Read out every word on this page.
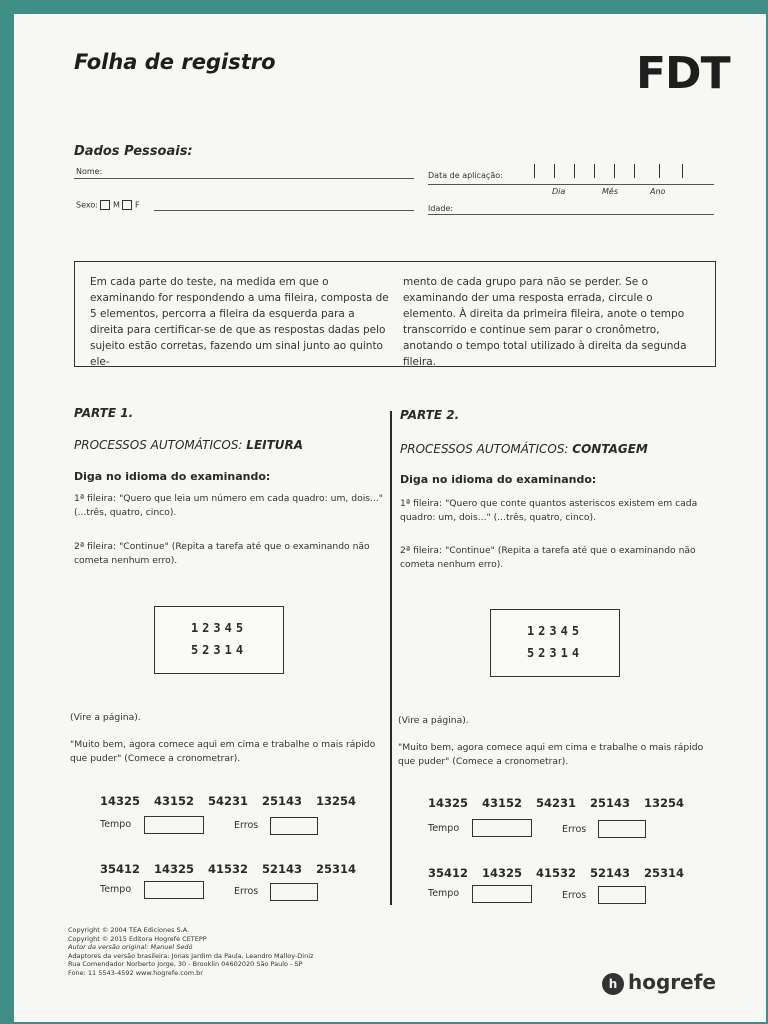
Folha de registro	FDT
Dados Pessoais:
Nome:	Data de aplicação:
Dia	Mês	Ano
Sexo: M F	Idade:
Em cada parte do teste, na medida em que o examinando for respondendo a uma fileira, composta de 5 elementos, percorra a fileira da esquerda para a direita para certificar-se de que as respostas dadas pelo sujeito estão corretas, fazendo um sinal junto ao quinto ele-
mento de cada grupo para não se perder. Se o examinando der uma resposta errada, circule o elemento. À direita da primeira fileira, anote o tempo transcorrido e continue sem parar o cronômetro, anotando o tempo total utilizado à direita da segunda fileira.
PARTE 1.
PROCESSOS AUTOMÁTICOS: LEITURA
Diga no idioma do examinando:
1ª fileira: "Quero que leia um número em cada quadro: um, dois..." (...três, quatro, cinco).
2ª fileira: "Continue" (Repita a tarefa até que o examinando não cometa nenhum erro).
12345
52314
(Vire a página).
"Muito bem, agora comece aqui em cima e trabalhe o mais rápido que puder" (Comece a cronometrar).
14325 43152 54231 25143 13254
Tempo	Erros
35412 14325 41532 52143 25314
Tempo	Erros
PARTE 2.
PROCESSOS AUTOMÁTICOS: CONTAGEM
Diga no idioma do examinando:
1ª fileira: "Quero que conte quantos asteriscos existem em cada quadro: um, dois..." (...três, quatro, cinco).
2ª fileira: "Continue" (Repita a tarefa até que o examinando não cometa nenhum erro).
12345
52314
(Vire a página).
"Muito bem, agora comece aqui em cima e trabalhe o mais rápido que puder" (Comece a cronometrar).
14325 43152 54231 25143 13254
Tempo	Erros
35412 14325 41532 52143 25314
Tempo	Erros
Copyright © 2004 TEA Ediciones S.A.
Copyright © 2015 Editora Hogrefe CETEPP
Autor da versão original: Manuel Sedó
Adaptores da versão brasileira: Jonas Jardim da Paula, Leandro Malloy-Diniz
Rua Comendador Norberto Jorge, 30 - Brooklin 04602020 São Paulo - SP
Fone: 11 5543-4592 www.hogrefe.com.br
h hogrefe
